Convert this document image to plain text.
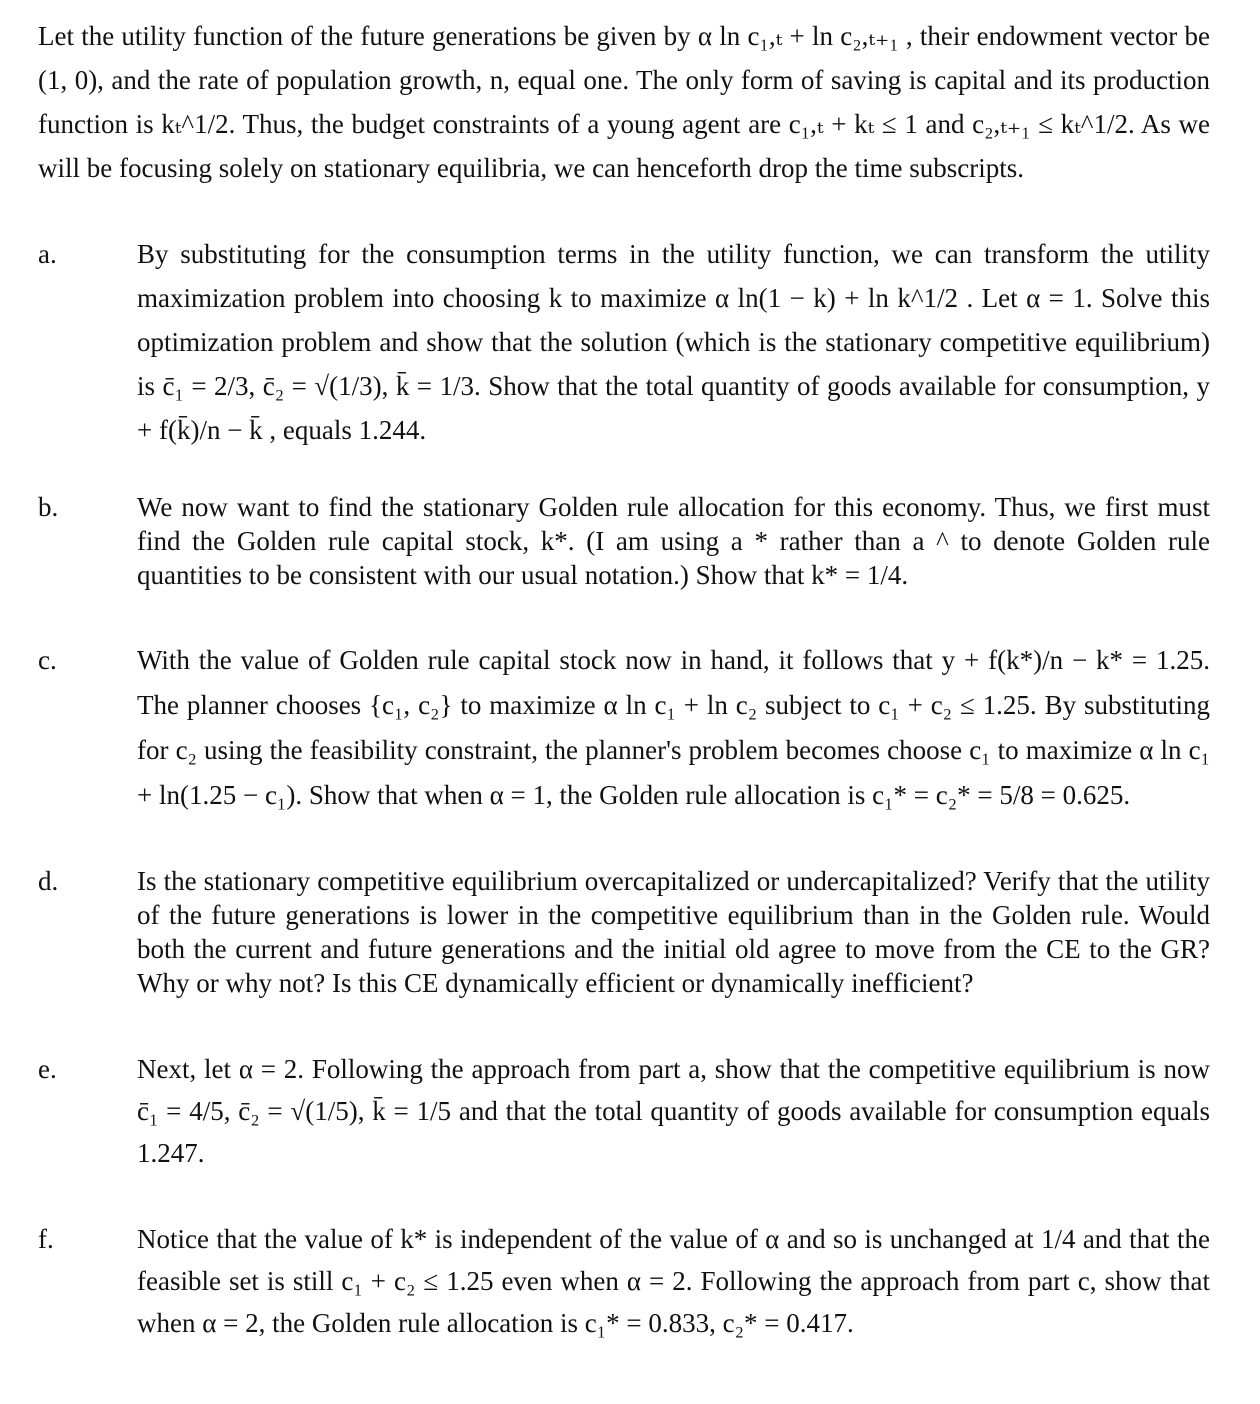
Let the utility function of the future generations be given by α ln c₁,ₜ + ln c₂,ₜ₊₁ , their endowment vector be (1, 0), and the rate of population growth, n, equal one. The only form of saving is capital and its production function is kₜ^1/2. Thus, the budget constraints of a young agent are c₁,ₜ + kₜ ≤ 1 and c₂,ₜ₊₁ ≤ kₜ^1/2. As we will be focusing solely on stationary equilibria, we can henceforth drop the time subscripts.

a.	By substituting for the consumption terms in the utility function, we can transform the utility maximization problem into choosing k to maximize α ln(1 − k) + ln k^1/2 . Let α = 1. Solve this optimization problem and show that the solution (which is the stationary competitive equilibrium) is c̄₁ = 2/3, c̄₂ = √(1/3), k̄ = 1/3. Show that the total quantity of goods available for consumption, y + f(k̄)/n − k̄ , equals 1.244.
b.	We now want to find the stationary Golden rule allocation for this economy. Thus, we first must find the Golden rule capital stock, k*. (I am using a * rather than a ^ to denote Golden rule quantities to be consistent with our usual notation.) Show that k* = 1/4.
c.	With the value of Golden rule capital stock now in hand, it follows that y + f(k*)/n − k* = 1.25. The planner chooses {c₁, c₂} to maximize α ln c₁ + ln c₂ subject to c₁ + c₂ ≤ 1.25. By substituting for c₂ using the feasibility constraint, the planner's problem becomes choose c₁ to maximize α ln c₁ + ln(1.25 − c₁). Show that when α = 1, the Golden rule allocation is c₁* = c₂* = 5/8 = 0.625.
d.	Is the stationary competitive equilibrium overcapitalized or undercapitalized? Verify that the utility of the future generations is lower in the competitive equilibrium than in the Golden rule. Would both the current and future generations and the initial old agree to move from the CE to the GR? Why or why not? Is this CE dynamically efficient or dynamically inefficient?
e.	Next, let α = 2. Following the approach from part a, show that the competitive equilibrium is now c̄₁ = 4/5, c̄₂ = √(1/5), k̄ = 1/5 and that the total quantity of goods available for consumption equals 1.247.
f.	Notice that the value of k* is independent of the value of α and so is unchanged at 1/4 and that the feasible set is still c₁ + c₂ ≤ 1.25 even when α = 2. Following the approach from part c, show that when α = 2, the Golden rule allocation is c₁* = 0.833, c₂* = 0.417.
